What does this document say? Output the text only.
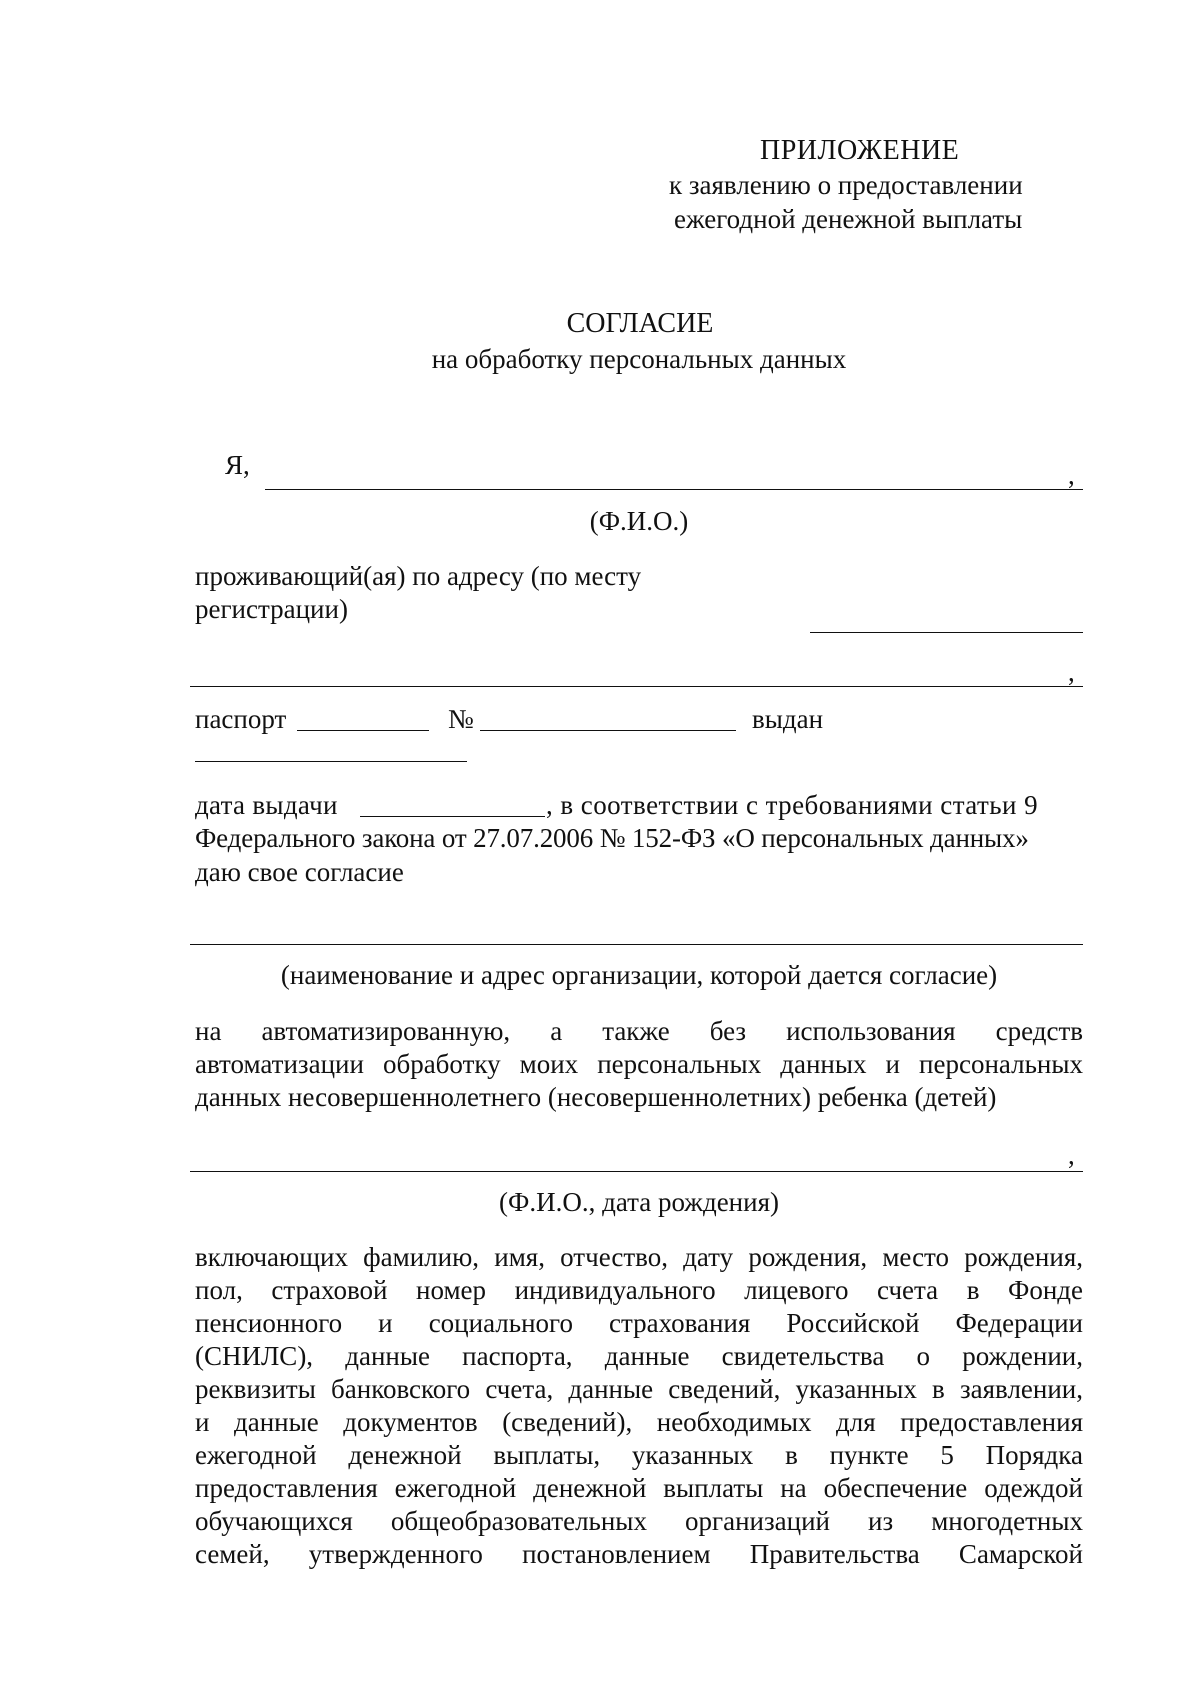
ПРИЛОЖЕНИЕ
к заявлению о предоставлении
ежегодной денежной выплаты
СОГЛАСИЕ
на обработку персональных данных
Я,	,
(Ф.И.О.)
проживающий(ая) по адресу (по месту
регистрации)
,
паспорт	№	выдан
дата выдачи	, в соответствии с требованиями статьи 9
Федерального закона от 27.07.2006 № 152-ФЗ «О персональных данных»
даю свое согласие
(наименование и адрес организации, которой дается согласие)
на автоматизированную, а также без использования средств
автоматизации обработку моих персональных данных и персональных
данных несовершеннолетнего (несовершеннолетних) ребенка (детей)
,
(Ф.И.О., дата рождения)
включающих фамилию, имя, отчество, дату рождения, место рождения,
пол, страховой номер индивидуального лицевого счета в Фонде
пенсионного и социального страхования Российской Федерации
(СНИЛС), данные паспорта, данные свидетельства о рождении,
реквизиты банковского счета, данные сведений, указанных в заявлении,
и данные документов (сведений), необходимых для предоставления
ежегодной денежной выплаты, указанных в пункте 5 Порядка
предоставления ежегодной денежной выплаты на обеспечение одеждой
обучающихся общеобразовательных организаций из многодетных
семей, утвержденного постановлением Правительства Самарской
